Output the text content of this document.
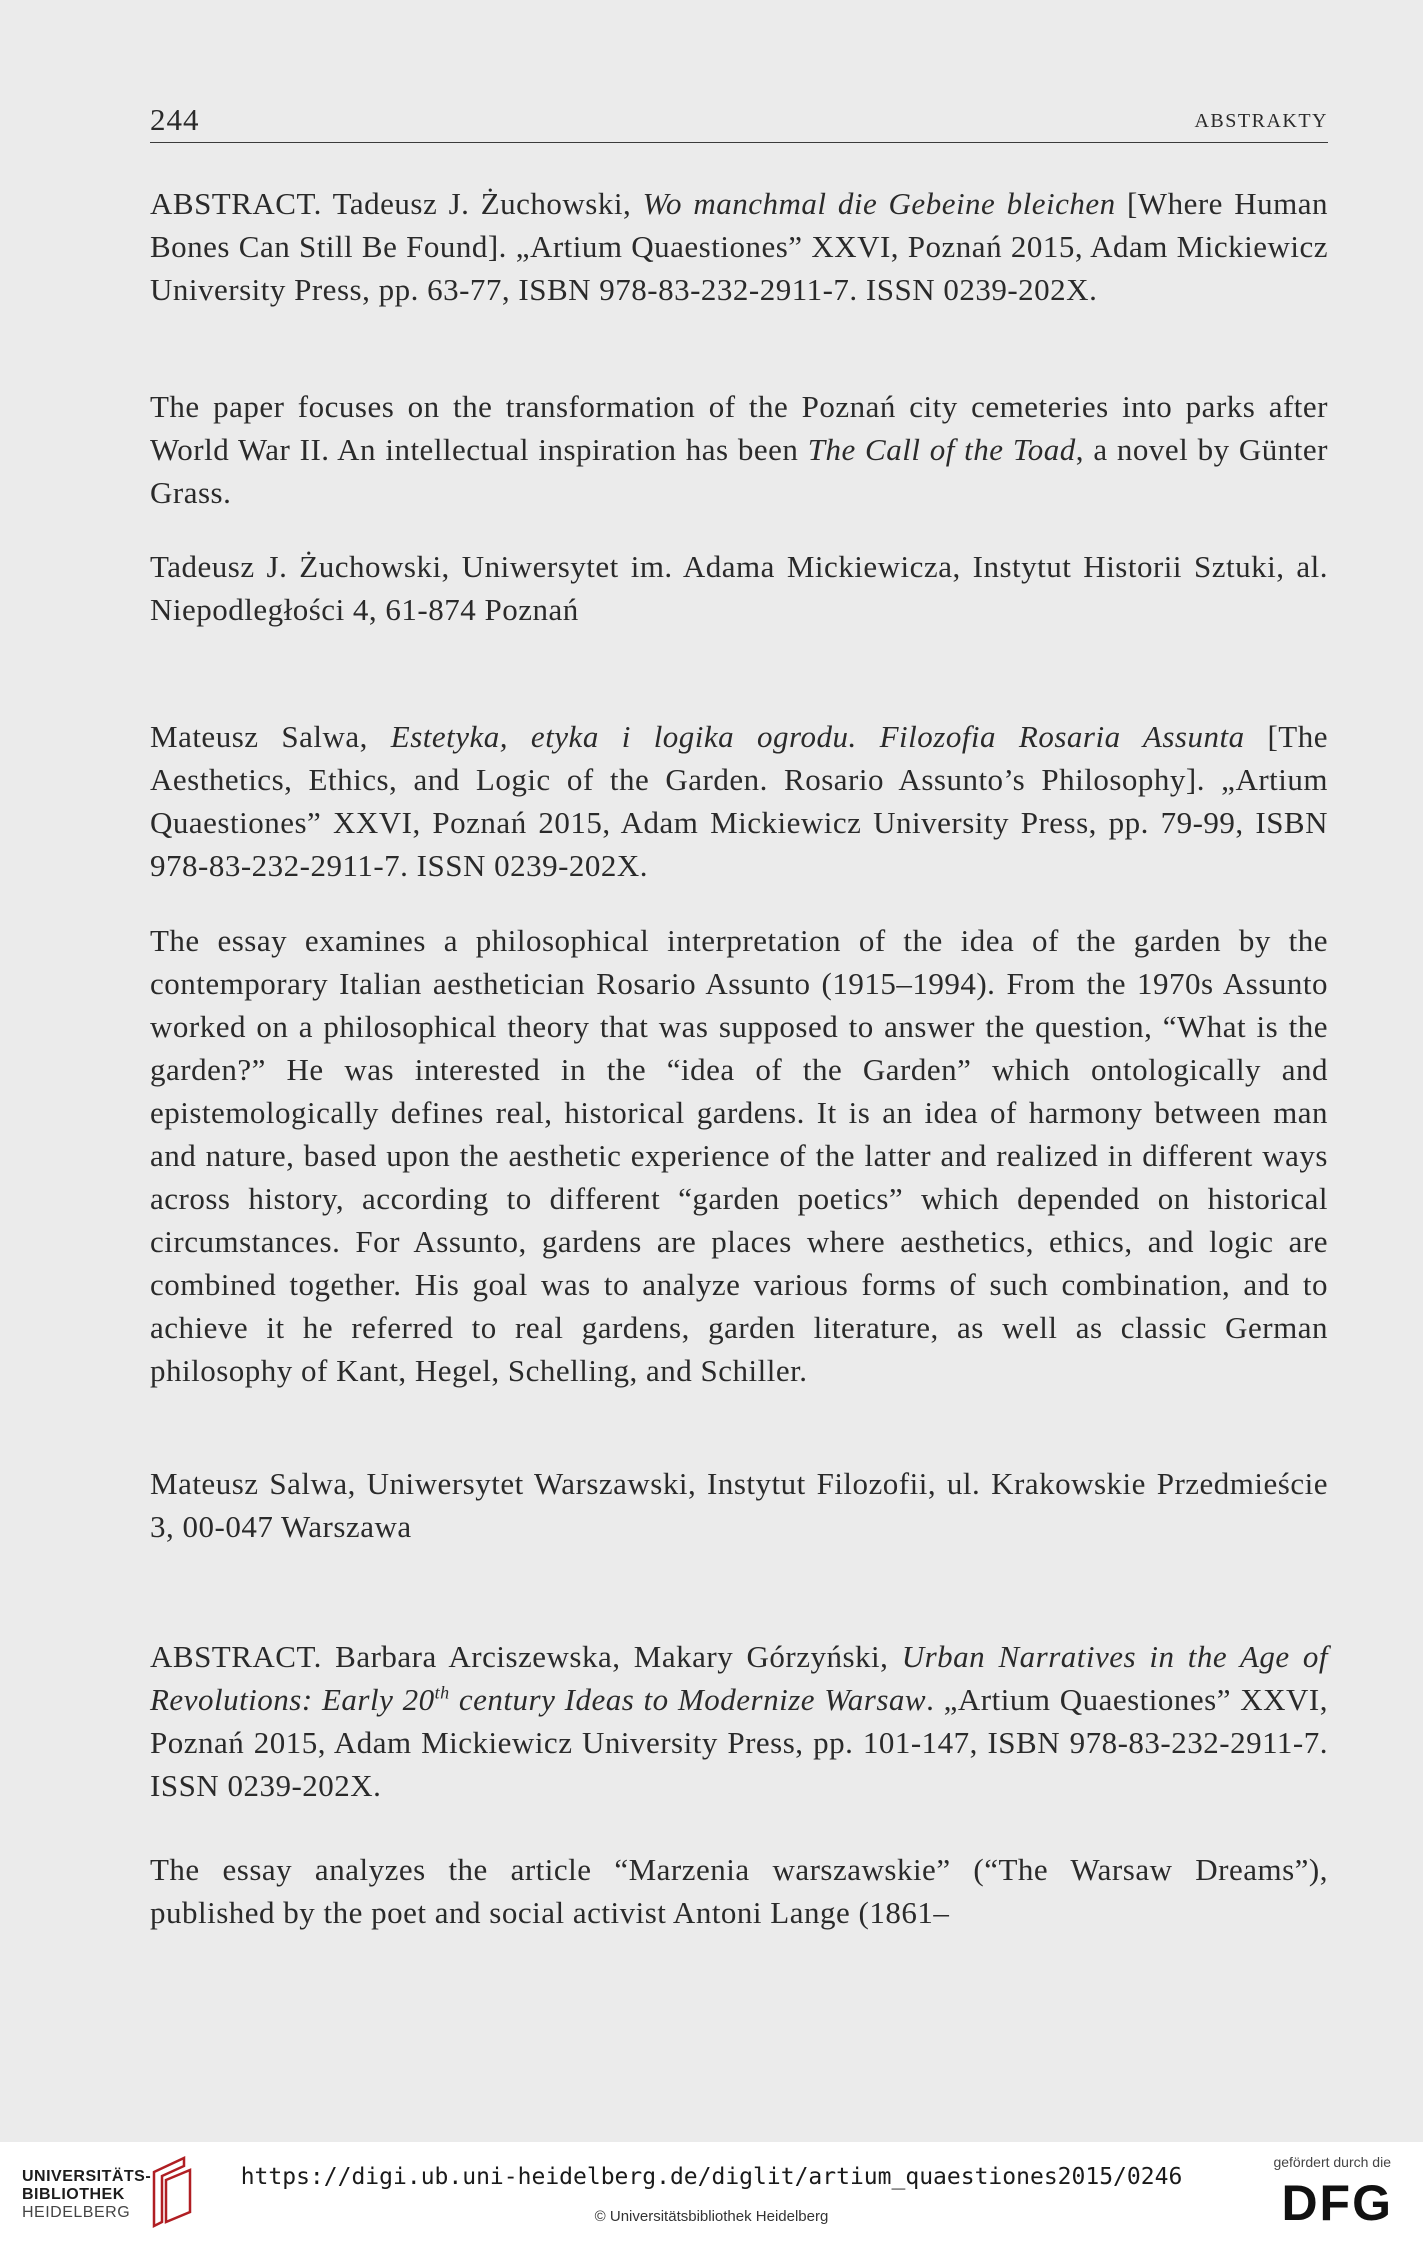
244	ABSTRAKTY

ABSTRACT. Tadeusz J. Żuchowski, Wo manchmal die Gebeine bleichen [Where Human Bones Can Still Be Found]. „Artium Quaestiones” XXVI, Poznań 2015, Adam Mickiewicz University Press, pp. 63-77, ISBN 978-83-232-2911-7. ISSN 0239-202X.

The paper focuses on the transformation of the Poznań city cemeteries into parks after World War II. An intellectual inspiration has been The Call of the Toad, a novel by Günter Grass.

Tadeusz J. Żuchowski, Uniwersytet im. Adama Mickiewicza, Instytut Historii Sztuki, al. Niepodległości 4, 61-874 Poznań

Mateusz Salwa, Estetyka, etyka i logika ogrodu. Filozofia Rosaria Assunta [The Aesthetics, Ethics, and Logic of the Garden. Rosario Assunto’s Philosophy]. „Artium Quaestiones” XXVI, Poznań 2015, Adam Mickiewicz University Press, pp. 79-99, ISBN 978-83-232-2911-7. ISSN 0239-202X.

The essay examines a philosophical interpretation of the idea of the garden by the contemporary Italian aesthetician Rosario Assunto (1915–1994). From the 1970s Assunto worked on a philosophical theory that was supposed to answer the question, “What is the garden?” He was interested in the “idea of the Garden” which ontologically and epistemologically defines real, historical gardens. It is an idea of harmony between man and nature, based upon the aesthetic experience of the latter and realized in different ways across history, according to different “garden poetics” which depended on historical circumstances. For Assunto, gardens are places where aesthetics, ethics, and logic are combined together. His goal was to analyze various forms of such combination, and to achieve it he referred to real gardens, garden literature, as well as classic German philosophy of Kant, Hegel, Schelling, and Schiller.

Mateusz Salwa, Uniwersytet Warszawski, Instytut Filozofii, ul. Krakowskie Przedmieście 3, 00-047 Warszawa

ABSTRACT. Barbara Arciszewska, Makary Górzyński, Urban Narratives in the Age of Revolutions: Early 20th century Ideas to Modernize Warsaw. „Artium Quaestiones” XXVI, Poznań 2015, Adam Mickiewicz University Press, pp. 101-147, ISBN 978-83-232-2911-7. ISSN 0239-202X.

The essay analyzes the article “Marzenia warszawskie” (“The Warsaw Dreams”), published by the poet and social activist Antoni Lange (1861–

UNIVERSITÄTS-
BIBLIOTHEK
HEIDELBERG
https://digi.ub.uni-heidelberg.de/diglit/artium_quaestiones2015/0246
© Universitätsbibliothek Heidelberg
gefördert durch die
DFG
